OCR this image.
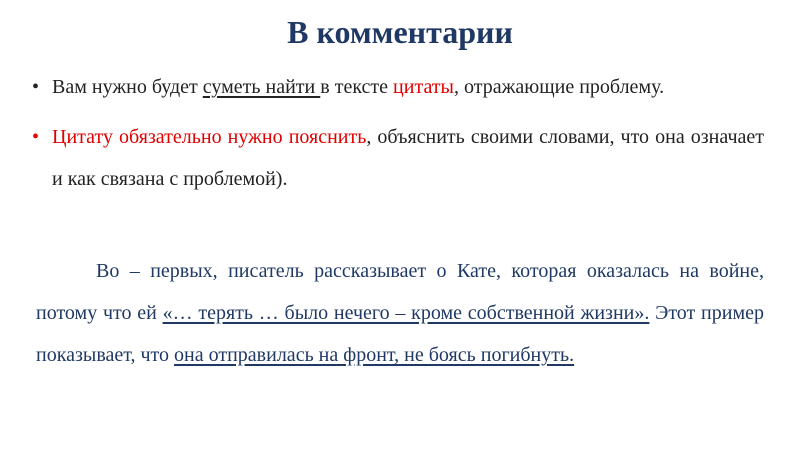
В комментарии
• Вам нужно будет суметь найти в тексте цитаты, отражающие проблему.
• Цитату обязательно нужно пояснить, объяснить своими словами, что она означает и как связана с проблемой).

Во – первых, писатель рассказывает о Кате, которая оказалась на войне, потому что ей «… терять … было нечего – кроме собственной жизни». Этот пример показывает, что она отправилась на фронт, не боясь погибнуть.
